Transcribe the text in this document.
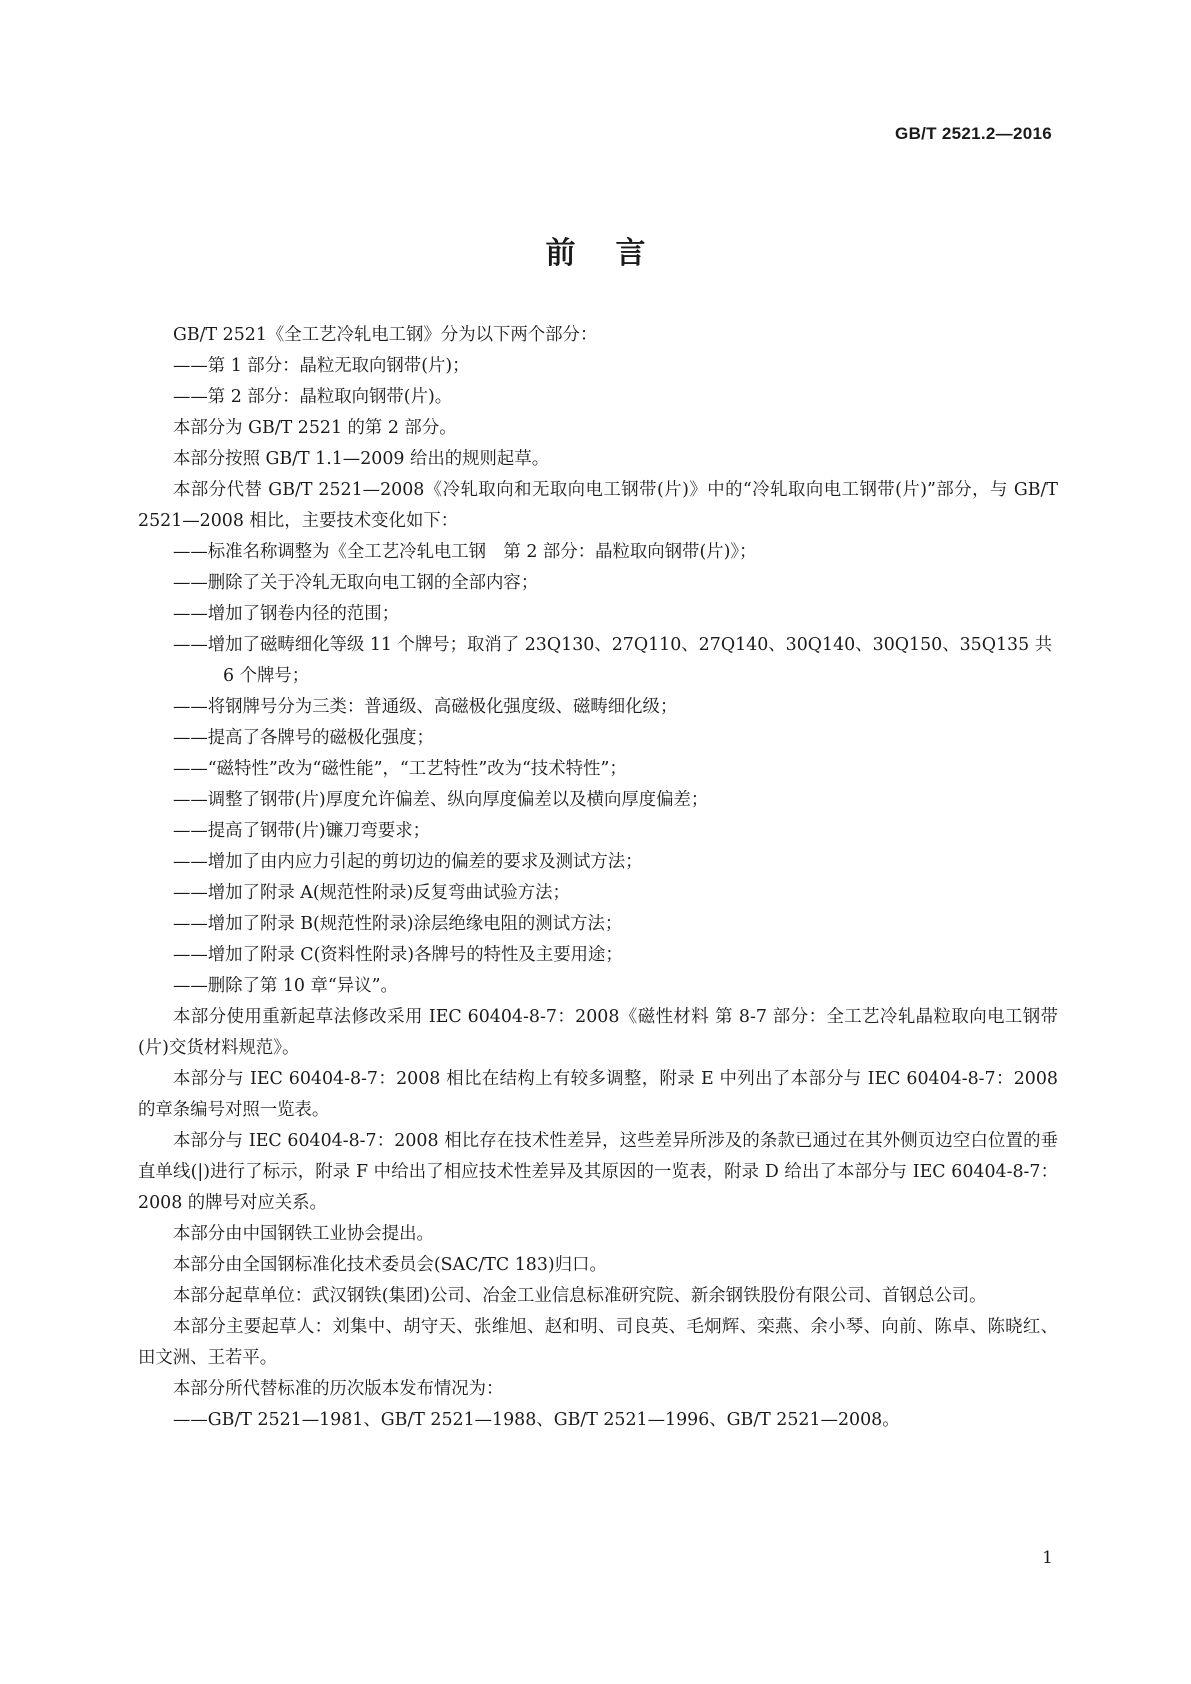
GB/T 2521.2—2016
前言

GB/T 2521《全工艺冷轧电工钢》分为以下两个部分：

——第 1 部分：晶粒无取向钢带(片)；

——第 2 部分：晶粒取向钢带(片)。

本部分为 GB/T 2521 的第 2 部分。

本部分按照 GB/T 1.1—2009 给出的规则起草。

本部分代替 GB/T 2521—2008《冷轧取向和无取向电工钢带(片)》中的“冷轧取向电工钢带(片)”部分，与 GB/T 2521—2008 相比，主要技术变化如下：

——标准名称调整为《全工艺冷轧电工钢　第 2 部分：晶粒取向钢带(片)》；

——删除了关于冷轧无取向电工钢的全部内容；

——增加了钢卷内径的范围；

——增加了磁畴细化等级 11 个牌号；取消了 23Q130、27Q110、27Q140、30Q140、30Q150、35Q135 共 6 个牌号；

——将钢牌号分为三类：普通级、高磁极化强度级、磁畴细化级；

——提高了各牌号的磁极化强度；

——“磁特性”改为“磁性能”，“工艺特性”改为“技术特性”；

——调整了钢带(片)厚度允许偏差、纵向厚度偏差以及横向厚度偏差；

——提高了钢带(片)镰刀弯要求；

——增加了由内应力引起的剪切边的偏差的要求及测试方法；

——增加了附录 A(规范性附录)反复弯曲试验方法；

——增加了附录 B(规范性附录)涂层绝缘电阻的测试方法；

——增加了附录 C(资料性附录)各牌号的特性及主要用途；

——删除了第 10 章“异议”。

本部分使用重新起草法修改采用 IEC 60404-8-7：2008《磁性材料 第 8-7 部分：全工艺冷轧晶粒取向电工钢带(片)交货材料规范》。

本部分与 IEC 60404-8-7：2008 相比在结构上有较多调整，附录 E 中列出了本部分与 IEC 60404-8-7：2008的章条编号对照一览表。

本部分与 IEC 60404-8-7：2008 相比存在技术性差异，这些差异所涉及的条款已通过在其外侧页边空白位置的垂直单线(|)进行了标示，附录 F 中给出了相应技术性差异及其原因的一览表，附录 D 给出了本部分与 IEC 60404-8-7：2008 的牌号对应关系。

本部分由中国钢铁工业协会提出。

本部分由全国钢标准化技术委员会(SAC/TC 183)归口。

本部分起草单位：武汉钢铁(集团)公司、冶金工业信息标准研究院、新余钢铁股份有限公司、首钢总公司。

本部分主要起草人：刘集中、胡守天、张维旭、赵和明、司良英、毛炯辉、栾燕、余小琴、向前、陈卓、陈晓红、田文洲、王若平。

本部分所代替标准的历次版本发布情况为：

——GB/T 2521—1981、GB/T 2521—1988、GB/T 2521—1996、GB/T 2521—2008。

1
